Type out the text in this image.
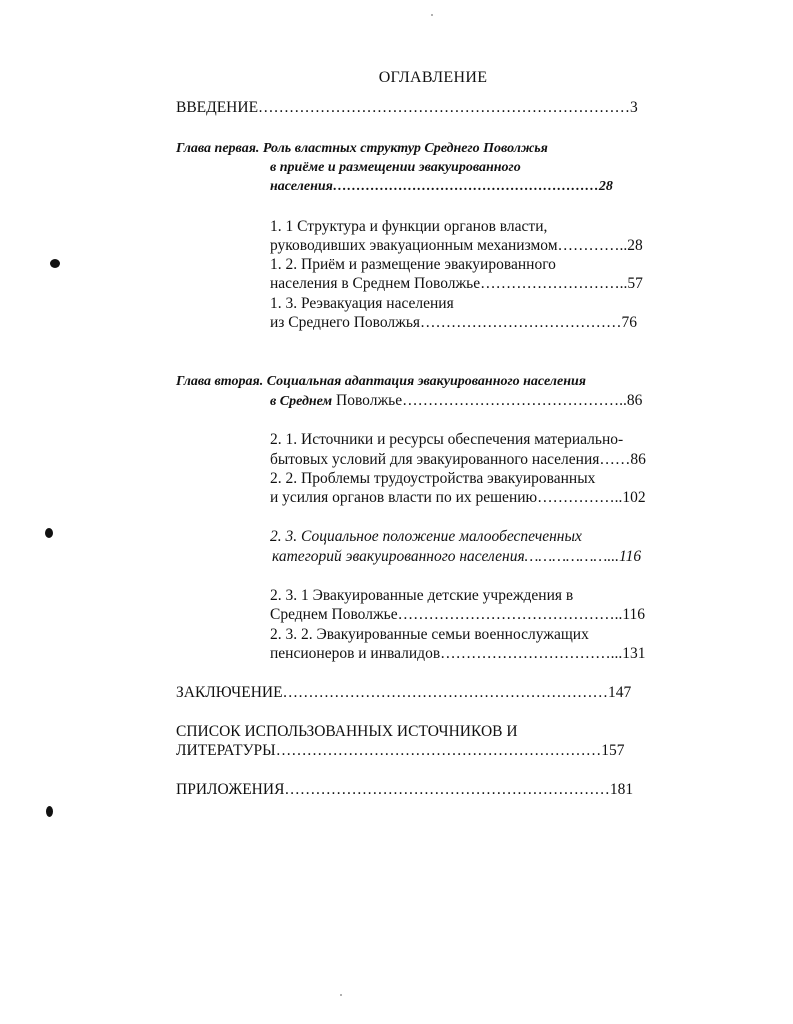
ОГЛАВЛЕНИЕ
ВВЕДЕНИЕ………………………………………………………………3
Глава первая. Роль властных структур Среднего Поволжья
в приёме и размещении эвакуированного
населения…………………………………………………28
1. 1 Структура и функции органов власти,
руководивших эвакуационным механизмом…………..28
1. 2. Приём и размещение эвакуированного
населения в Среднем Поволжье………………………..57
1. 3. Реэвакуация населения
из Среднего Поволжья…………………………………76
Глава вторая. Социальная адаптация эвакуированного населения
в Среднем Поволжье……………………………………..86
2. 1. Источники и ресурсы обеспечения материально-
бытовых условий для эвакуированного населения……86
2. 2. Проблемы трудоустройства эвакуированных
и усилия органов власти по их решению……………..102
2. 3. Социальное положение малообеспеченных
категорий эвакуированного населения………………...116
2. 3. 1 Эвакуированные детские учреждения в
Среднем Поволжье……………………………………..116
2. 3. 2. Эвакуированные семьи военнослужащих
пенсионеров и инвалидов……………………………...131
ЗАКЛЮЧЕНИЕ………………………………………………………147
СПИСОК ИСПОЛЬЗОВАННЫХ ИСТОЧНИКОВ И
ЛИТЕРАТУРЫ………………………………………………………157
ПРИЛОЖЕНИЯ………………………………………………………181
